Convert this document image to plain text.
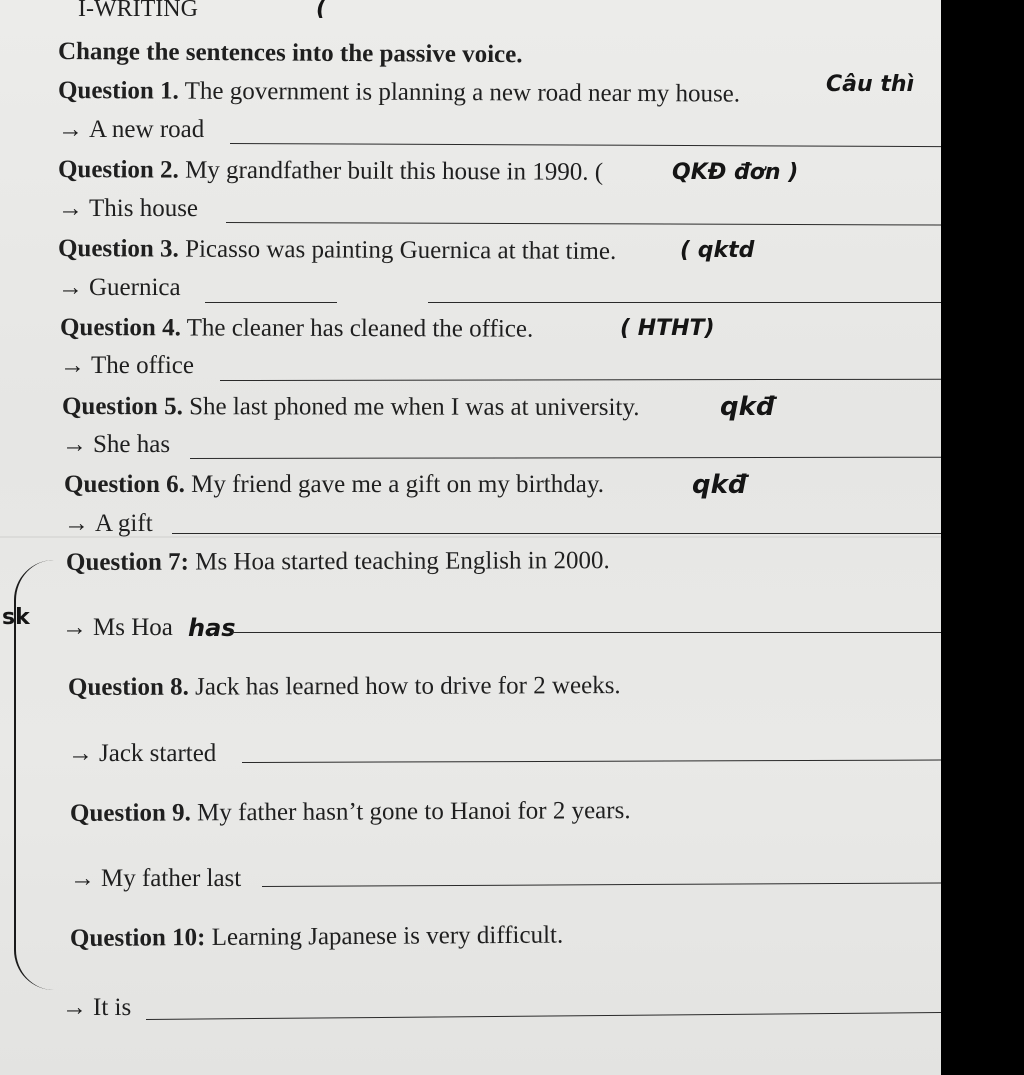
I-WRITING	(
Change the sentences into the passive voice.
Question 1. The government is planning a new road near my house.	Câu thì
→ A new road
Question 2. My grandfather built this house in 1990. (	QKĐ đơn )
→ This house
Question 3. Picasso was painting Guernica at that time.	( qktd
→ Guernica
Question 4. The cleaner has cleaned the office.	( HTHT)
→ The office
Question 5. She last phoned me when I was at university.	qkđ
→ She has
Question 6. My friend gave me a gift on my birthday.	qkđ
→ A gift
sk
Question 7: Ms Hoa started teaching English in 2000.
→ Ms Hoa has
Question 8. Jack has learned how to drive for 2 weeks.
→ Jack started
Question 9. My father hasn’t gone to Hanoi for 2 years.
→ My father last
Question 10: Learning Japanese is very difficult.
→ It is
